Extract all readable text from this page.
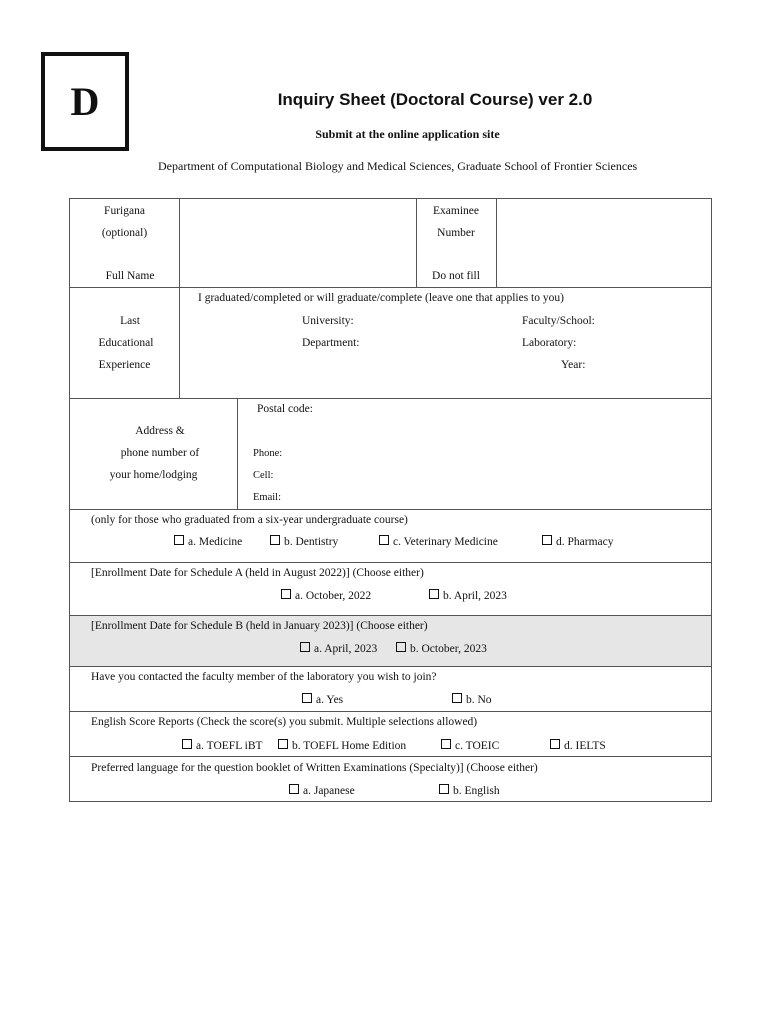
D	Inquiry Sheet (Doctoral Course) ver 2.0
Submit at the online application site
Department of Computational Biology and Medical Sciences, Graduate School of Frontier Sciences
Furigana
(optional)
Full Name
Examinee
Number
Do not fill
Last
Educational
Experience
I graduated/completed or will graduate/complete (leave one that applies to you)
University:	Faculty/School:
Department:	Laboratory:
Year:
Address &
phone number of
your home/lodging
Postal code:
Phone:
Cell:
Email:
(only for those who graduated from a six-year undergraduate course)
a. Medicine	b. Dentistry	c. Veterinary Medicine	d. Pharmacy
[Enrollment Date for Schedule A (held in August 2022)] (Choose either)
a. October, 2022	b. April, 2023
[Enrollment Date for Schedule B (held in January 2023)] (Choose either)
a. April, 2023	b. October, 2023
Have you contacted the faculty member of the laboratory you wish to join?
a. Yes	b. No
English Score Reports (Check the score(s) you submit. Multiple selections allowed)
a. TOEFL iBT	b. TOEFL Home Edition	c. TOEIC	d. IELTS
Preferred language for the question booklet of Written Examinations (Specialty)] (Choose either)
a. Japanese	b. English
